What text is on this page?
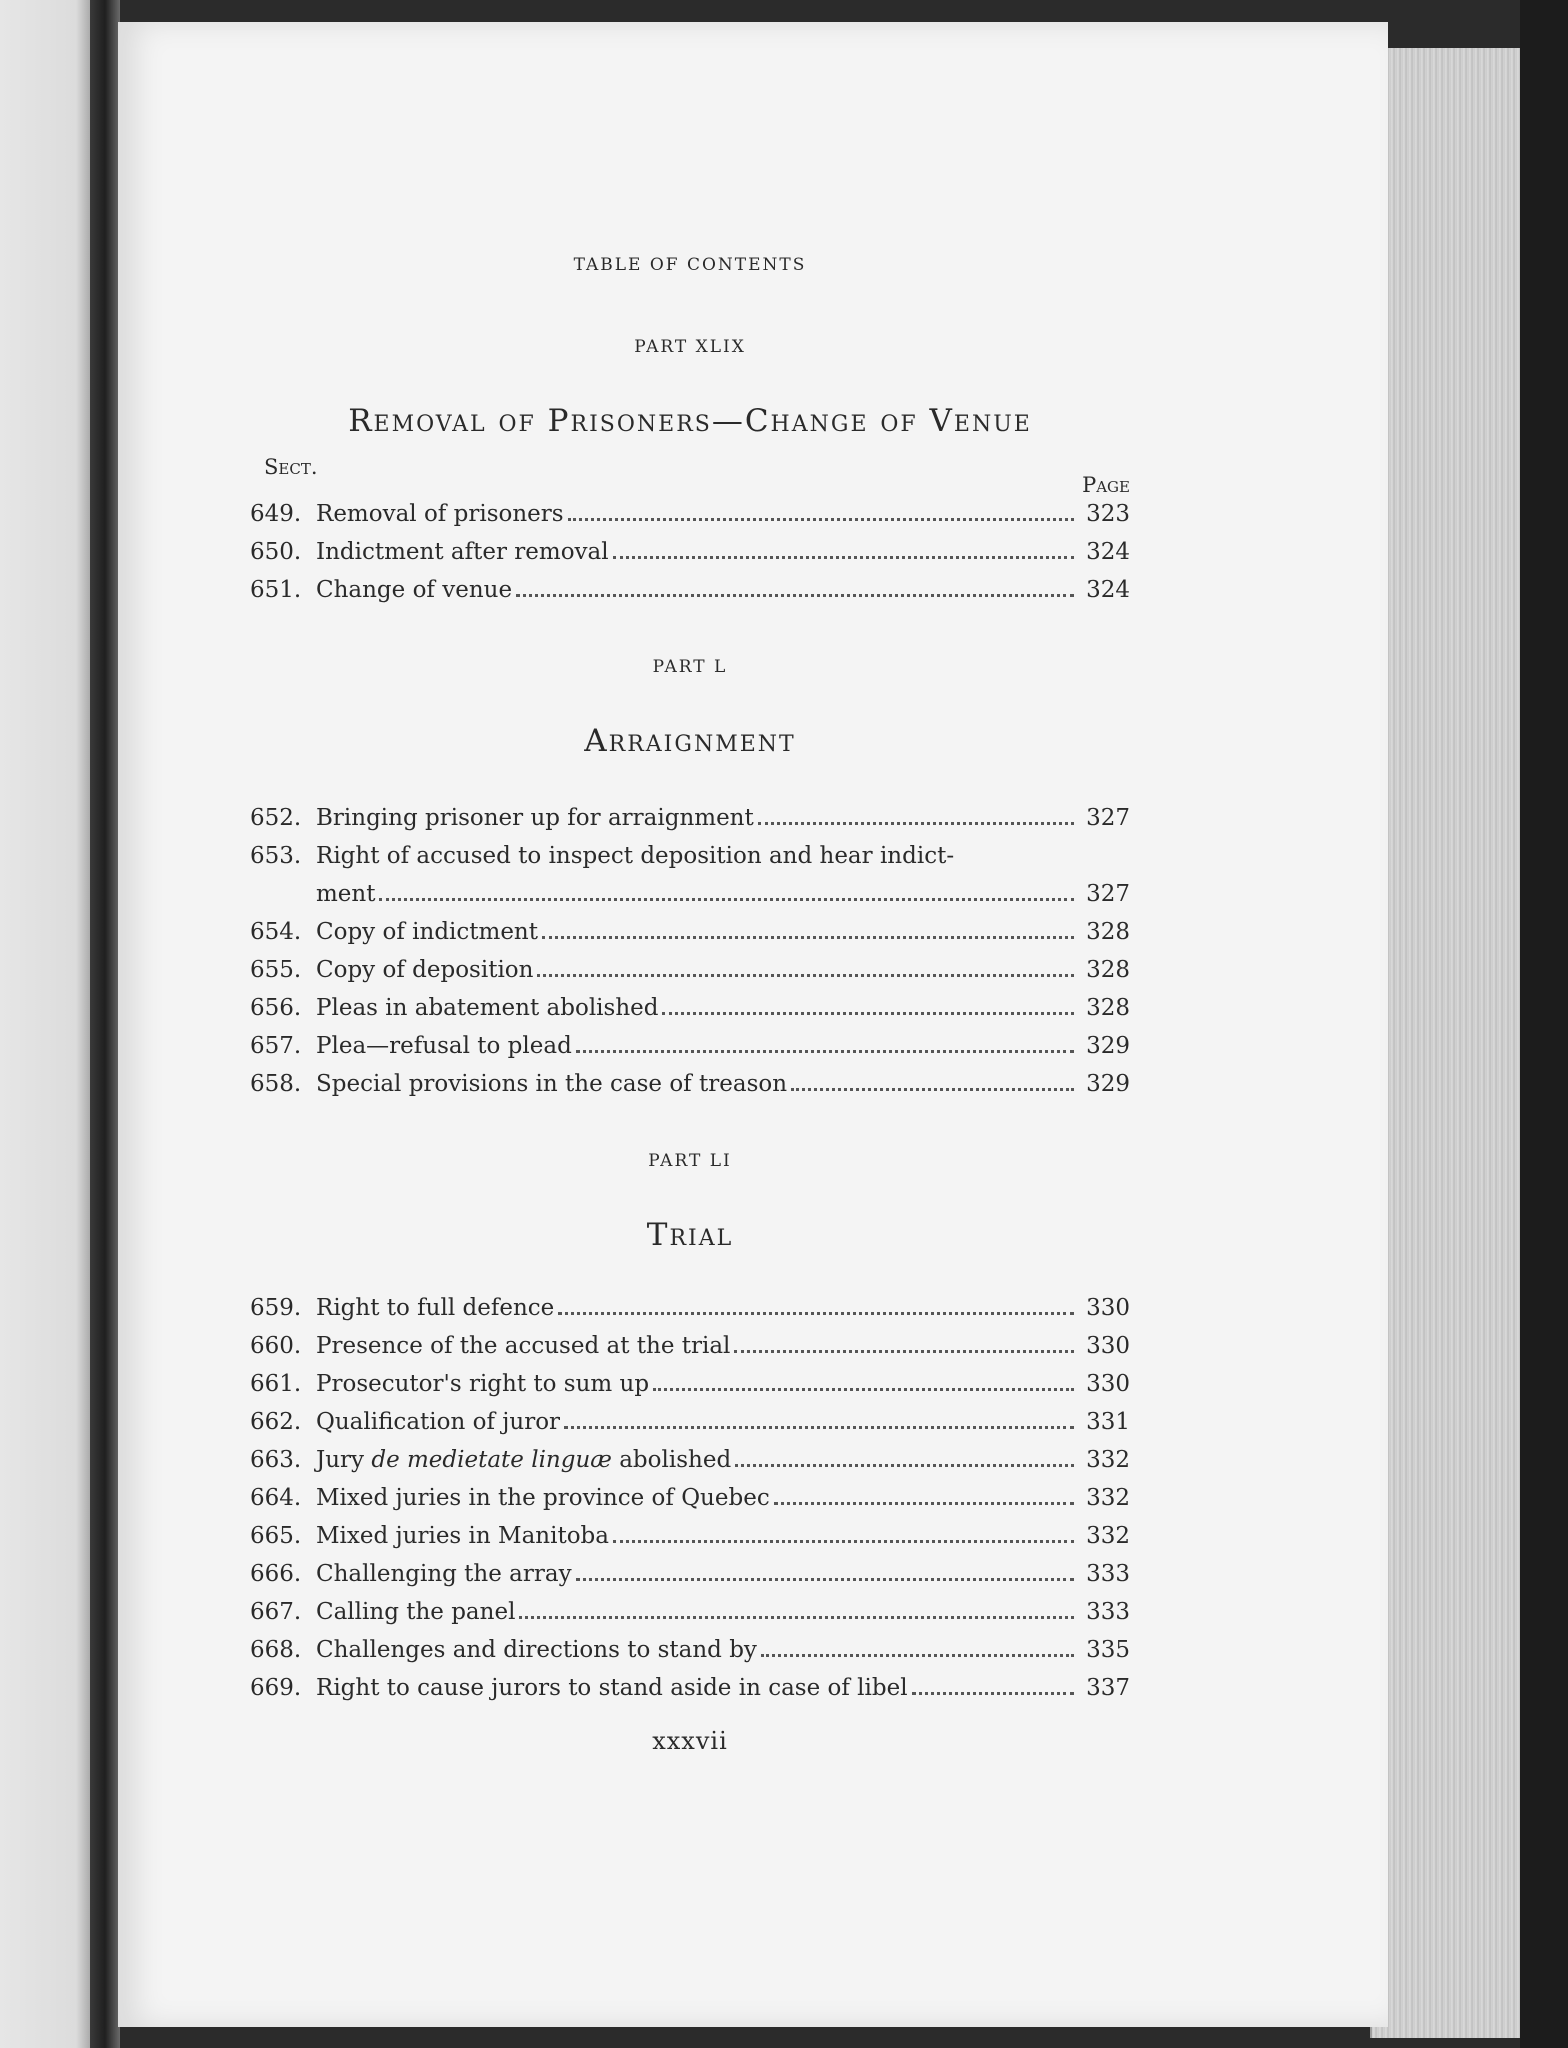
TABLE OF CONTENTS
PART XLIX
Removal of Prisoners—Change of Venue
Sect.
Page
649. Removal of prisoners	323
650. Indictment after removal	324
651. Change of venue	324
PART L
Arraignment
652. Bringing prisoner up for arraignment	327
653. Right of accused to inspect deposition and hear indict-
ment	327
654. Copy of indictment	328
655. Copy of deposition	328
656. Pleas in abatement abolished	328
657. Plea—refusal to plead	329
658. Special provisions in the case of treason	329
PART LI
Trial
659. Right to full defence	330
660. Presence of the accused at the trial	330
661. Prosecutor's right to sum up	330
662. Qualification of juror	331
663. Jury de medietate linguæ abolished	332
664. Mixed juries in the province of Quebec	332
665. Mixed juries in Manitoba	332
666. Challenging the array	333
667. Calling the panel	333
668. Challenges and directions to stand by	335
669. Right to cause jurors to stand aside in case of libel	337
xxxvii
